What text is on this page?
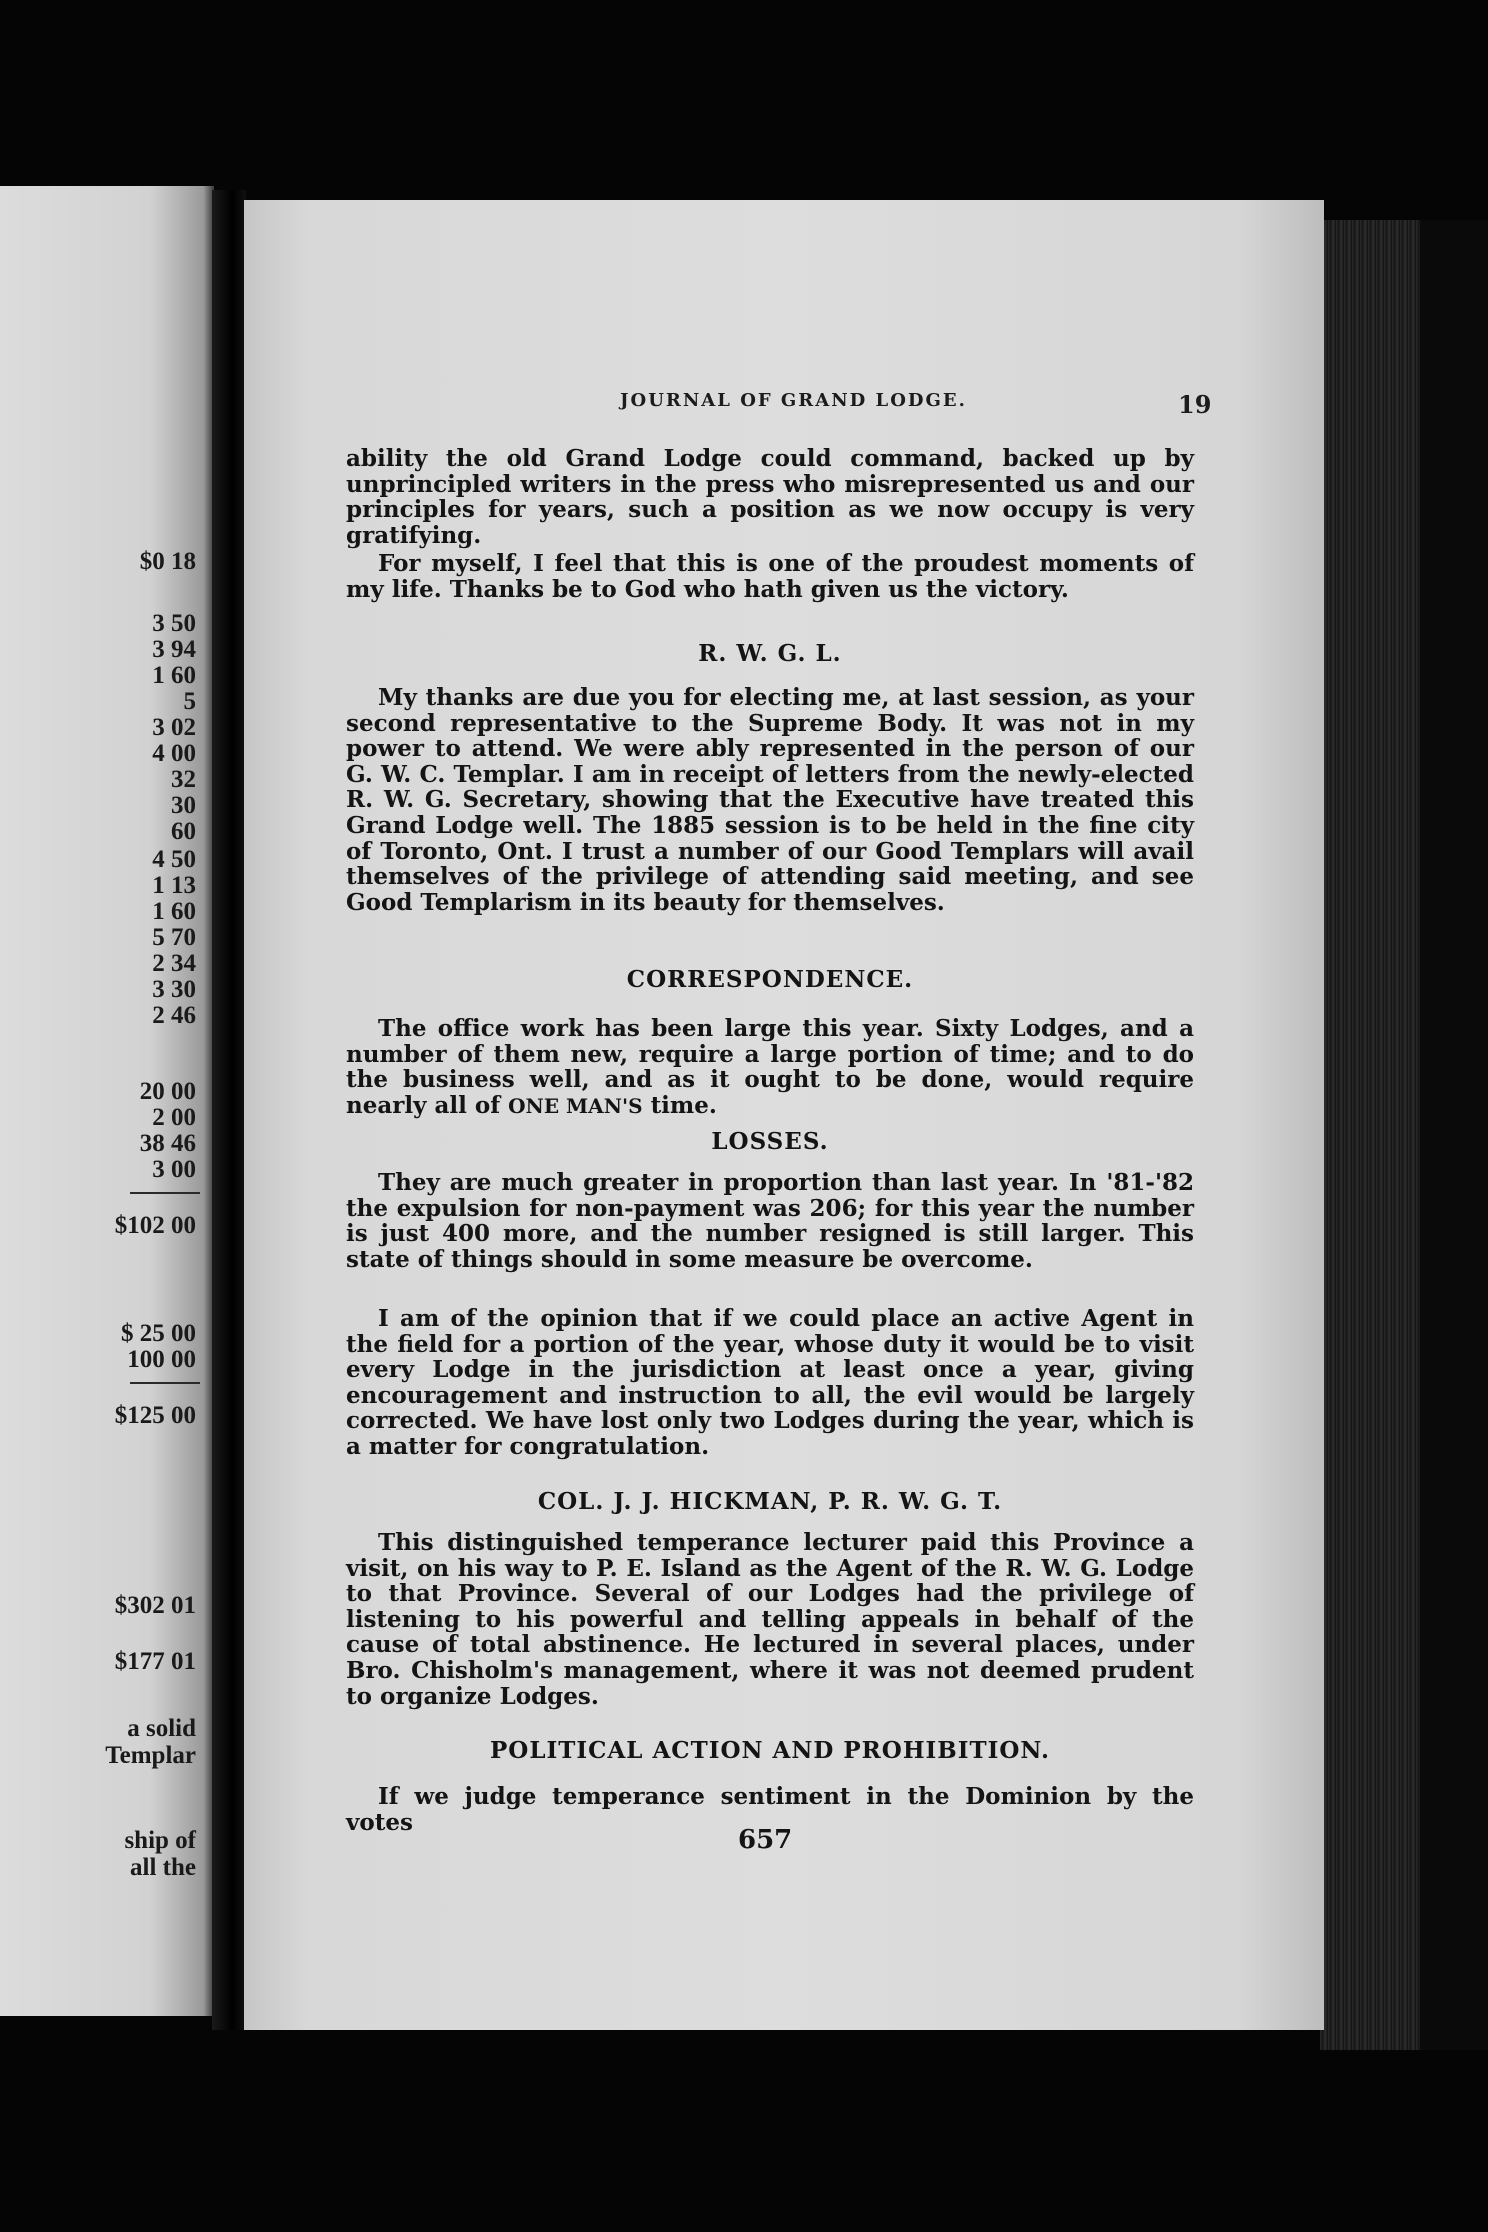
$0 18
3 50
3 94
1 60
5
3 02
4 00
32
30
60
4 50
1 13
1 60
5 70
2 34
3 30
2 46
20 00
2 00
38 46
3 00
$102 00
$ 25 00
100 00
$125 00
$302 01
$177 01
a solid
Templar
ship of
all the
JOURNAL OF GRAND LODGE.	19

ability the old Grand Lodge could command, backed up by unprincipled writers in the press who misrepresented us and our principles for years, such a position as we now occupy is very gratifying.

For myself, I feel that this is one of the proudest moments of my life. Thanks be to God who hath given us the victory.

R. W. G. L.

My thanks are due you for electing me, at last session, as your second representative to the Supreme Body. It was not in my power to attend. We were ably represented in the person of our G. W. C. Templar. I am in receipt of letters from the newly-elected R. W. G. Secretary, showing that the Executive have treated this Grand Lodge well. The 1885 session is to be held in the fine city of Toronto, Ont. I trust a number of our Good Templars will avail themselves of the privilege of attending said meeting, and see Good Templarism in its beauty for themselves.

CORRESPONDENCE.

The office work has been large this year. Sixty Lodges, and a number of them new, require a large portion of time; and to do the business well, and as it ought to be done, would require nearly all of ONE MAN'S time.

LOSSES.

They are much greater in proportion than last year. In '81-'82 the expulsion for non-payment was 206; for this year the number is just 400 more, and the number resigned is still larger. This state of things should in some measure be overcome.

I am of the opinion that if we could place an active Agent in the field for a portion of the year, whose duty it would be to visit every Lodge in the jurisdiction at least once a year, giving encouragement and instruction to all, the evil would be largely corrected. We have lost only two Lodges during the year, which is a matter for congratulation.

COL. J. J. HICKMAN, P. R. W. G. T.

This distinguished temperance lecturer paid this Province a visit, on his way to P. E. Island as the Agent of the R. W. G. Lodge to that Province. Several of our Lodges had the privilege of listening to his powerful and telling appeals in behalf of the cause of total abstinence. He lectured in several places, under Bro. Chisholm's management, where it was not deemed prudent to organize Lodges.

POLITICAL ACTION AND PROHIBITION.

If we judge temperance sentiment in the Dominion by the votes

657
